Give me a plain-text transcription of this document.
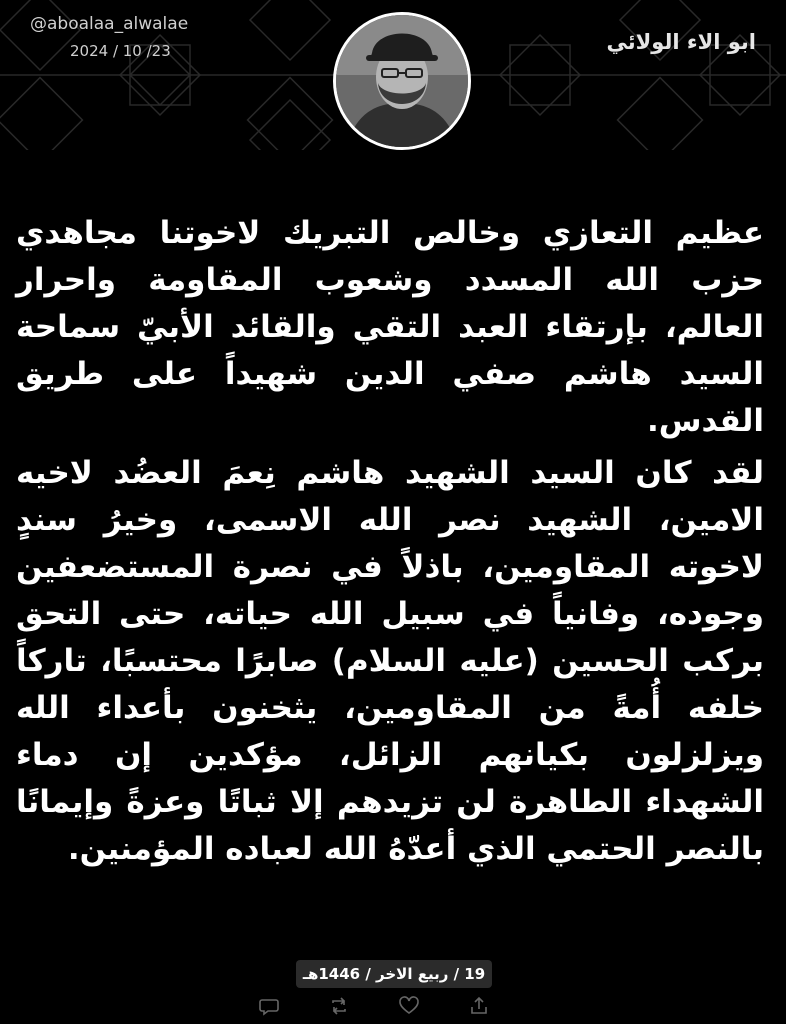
@aboalaa_alwalae
2024 / 10 /23	ابو الاء الولائي
عظيم التعازي وخالص التبريك لاخوتنا مجاهدي حزب الله المسدد وشعوب المقاومة واحرار العالم، بإرتقاء العبد التقي والقائد الأبيّ سماحة السيد هاشم صفي الدين شهيداً على طريق القدس.
لقد كان السيد الشهيد هاشم نِعمَ العضُد لاخيه الامين، الشهيد نصر الله الاسمى، وخيرُ سندٍ لاخوته المقاومين، باذلاً في نصرة المستضعفين وجوده، وفانياً في سبيل الله حياته، حتى التحق بركب الحسين (عليه السلام) صابرًا محتسبًا، تاركاً خلفه أُمةً من المقاومين، يثخنون بأعداء الله ويزلزلون بكيانهم الزائل، مؤكدين إن دماء الشهداء الطاهرة لن تزيدهم إلا ثباتًا وعزةً وإيمانًا بالنصر الحتمي الذي أعدّهُ الله لعباده المؤمنين.
19 / ربيع الاخر / 1446هـ
